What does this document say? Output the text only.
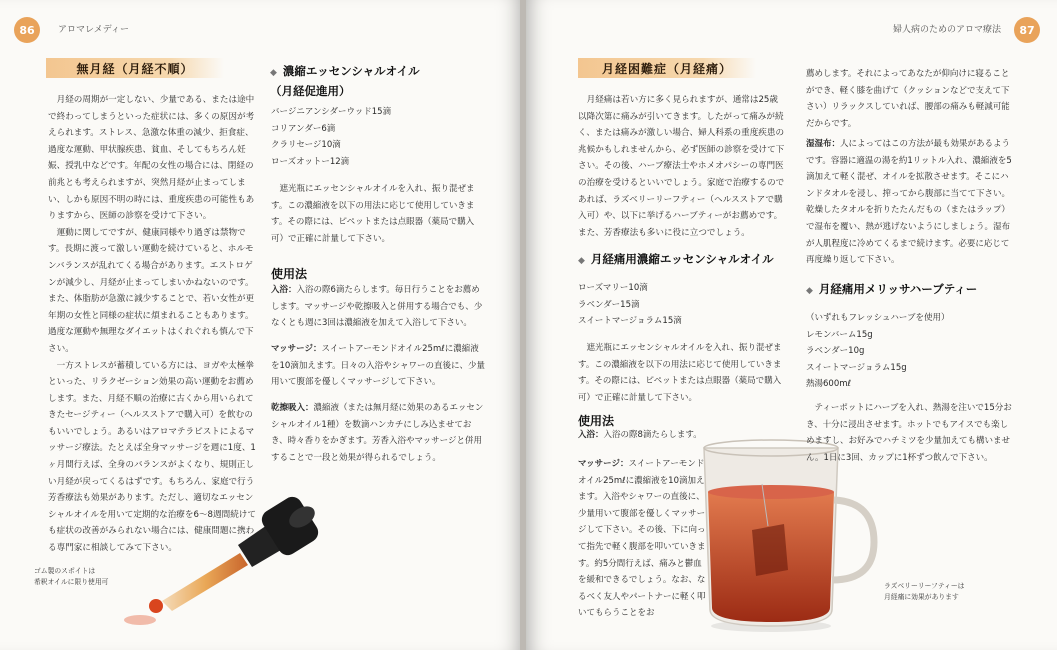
86	アロマレメディー
無月経（月経不順）

月経の周期が一定しない、少量である、または途中で終わってしまうといった症状には、多くの原因が考えられます。ストレス、急激な体重の減少、拒食症、過度な運動、甲状腺疾患、貧血、そしてもちろん妊娠、授乳中などです。年配の女性の場合には、閉経の前兆とも考えられますが、突然月経が止まってしまい、しかも原因不明の時には、重度疾患の可能性もありますから、医師の診察を受けて下さい。

運動に関してですが、健康同様やり過ぎは禁物です。長期に渡って激しい運動を続けていると、ホルモンバランスが乱れてくる場合があります。エストロゲンが減少し、月経が止まってしまいかねないのです。また、体脂肪が急激に減少することで、若い女性が更年期の女性と同様の症状に煩まれることもあります。過度な運動や無理なダイエットはくれぐれも慎んで下さい。

一方ストレスが蓄積している方には、ヨガや太極拳といった、リラクゼーション効果の高い運動をお薦めします。また、月経不順の治療に古くから用いられてきたセージティー（ヘルスストアで購入可）を飲むのもいいでしょう。あるいはアロマテラピストによるマッサージ療法。たとえば全身マッサージを週に1度、1ヶ月間行えば、全身のバランスがよくなり、規則正しい月経が戻ってくるはずです。もちろん、家庭で行う芳香療法も効果があります。ただし、適切なエッセンシャルオイルを用いて定期的な治療を6～8週間続けても症状の改善がみられない場合には、健康問題に携わる専門家に相談してみて下さい。

◆ 濃縮エッセンシャルオイル
（月経促進用）

バージニアンシダーウッド15滴

コリアンダー6滴

クラリセージ10滴

ローズオットー12滴

遮光瓶にエッセンシャルオイルを入れ、振り混ぜます。この濃縮液を以下の用法に応じて使用していきます。その際には、ピペットまたは点眼器（薬局で購入可）で正確に計量して下さい。

使用法

入浴：入浴の際6滴たらします。毎日行うことをお薦めします。マッサージや乾擦吸入と併用する場合でも、少なくとも週に3回は濃縮液を加えて入浴して下さい。

マッサージ：スイートアーモンドオイル25mℓに濃縮液を10滴加えます。日々の入浴やシャワーの直後に、少量用いて腹部を優しくマッサージして下さい。

乾擦吸入：濃縮液（または無月経に効果のあるエッセンシャルオイル1種）を数滴ハンカチにしみ込ませておき、時々香りをかぎます。芳香入浴やマッサージと併用することで一段と効果が得られるでしょう。

ゴム製のスポイトは
希釈オイルに限り使用可
婦人病のためのアロマ療法	87
月経困難症（月経痛）

月経痛は若い方に多く見られますが、通常は25歳以降次第に痛みが引いてきます。したがって痛みが続く、または痛みが激しい場合、婦人科系の重度疾患の兆候かもしれませんから、必ず医師の診察を受けて下さい。その後、ハーブ療法士やホメオパシーの専門医の治療を受けるといいでしょう。家庭で治療するのであれば、ラズベリーリーフティー（ヘルスストアで購入可）や、以下に挙げるハーブティーがお薦めです。また、芳香療法も多いに役に立つでしょう。

◆ 月経痛用濃縮エッセンシャルオイル

ローズマリー10滴

ラベンダー15滴

スイートマージョラム15滴

遮光瓶にエッセンシャルオイルを入れ、振り混ぜます。この濃縮液を以下の用法に応じて使用していきます。その際には、ピペットまたは点眼器（薬局で購入可）で正確に計量して下さい。

使用法

入浴：入浴の際8滴たらします。

マッサージ：スイートアーモンドオイル25mℓに濃縮液を10滴加えます。入浴やシャワーの直後に、少量用いて腹部を優しくマッサージして下さい。その後、下に向って指先で軽く腹部を叩いていきます。約5分間行えば、痛みと鬱血を緩和できるでしょう。なお、なるべく友人やパートナーに軽く叩いてもらうことをお

薦めします。それによってあなたが仰向けに寝ることができ、軽く膝を曲げて（クッションなどで支えて下さい）リラックスしていれば、腰部の痛みも軽減可能だからです。

湿湿布：人によってはこの方法が最も効果があるようです。容器に適温の湯を約1リットル入れ、濃縮液を5滴加えて軽く混ぜ、オイルを拡散させます。そこにハンドタオルを浸し、搾ってから腹部に当てて下さい。乾燥したタオルを折りたたんだもの（またはラップ）で湿布を覆い、熱が逃げないようにしましょう。湿布が人肌程度に冷めてくるまで続けます。必要に応じて再度繰り返して下さい。

◆ 月経痛用メリッサハーブティー

（いずれもフレッシュハーブを使用）

レモンバーム15g

ラベンダー10g

スイートマージョラム15g

熱湯600mℓ

ティーポットにハーブを入れ、熱湯を注いで15分おき、十分に浸出させます。ホットでもアイスでも楽しめますし、お好みでハチミツを少量加えても構いません。1日に3回、カップに1杯ずつ飲んで下さい。

ラズベリーリーフティーは
月経痛に効果があります
